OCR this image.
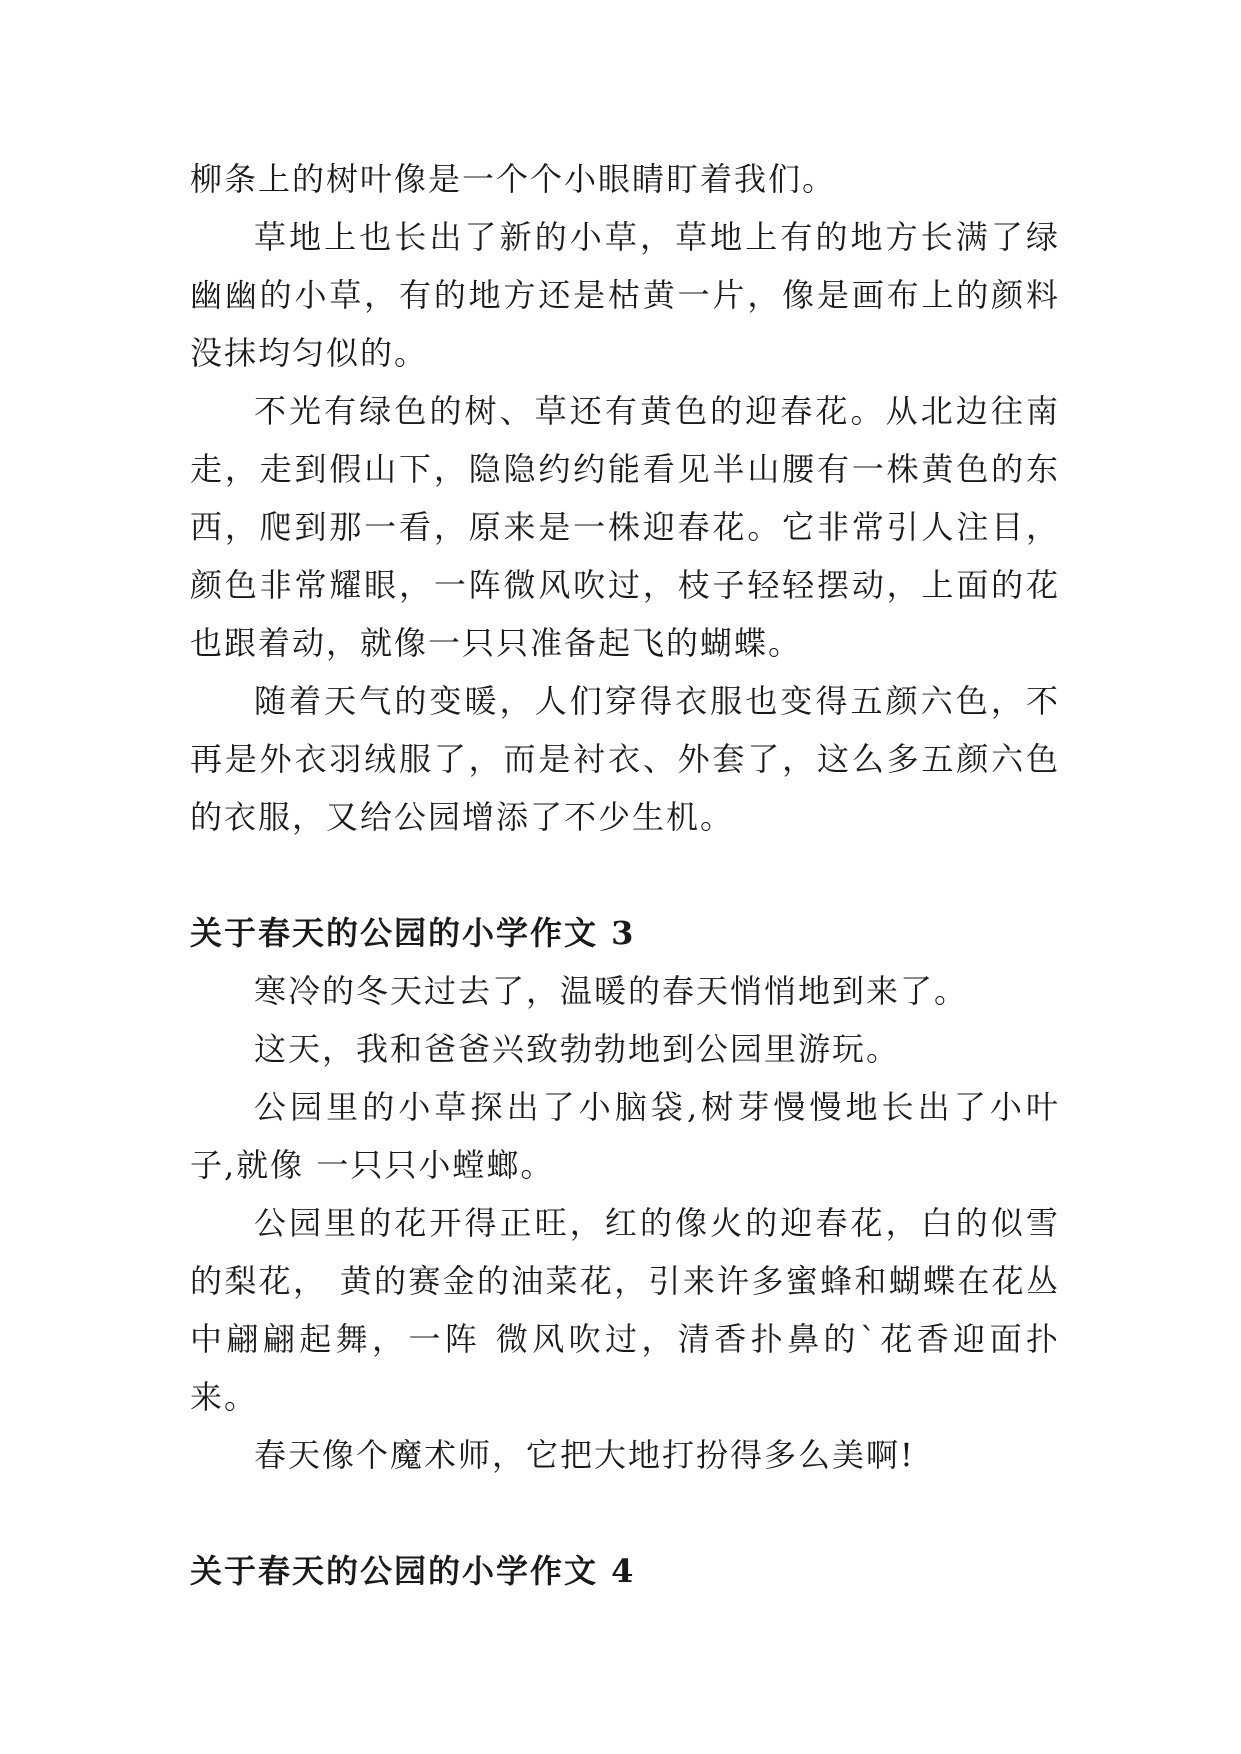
柳条上的树叶像是一个个小眼睛盯着我们。

草地上也长出了新的小草，草地上有的地方长满了绿幽幽的小草，有的地方还是枯黄一片，像是画布上的颜料没抹均匀似的。

不光有绿色的树、草还有黄色的迎春花。从北边往南走，走到假山下，隐隐约约能看见半山腰有一株黄色的东西，爬到那一看，原来是一株迎春花。它非常引人注目，颜色非常耀眼，一阵微风吹过，枝子轻轻摆动，上面的花也跟着动，就像一只只准备起飞的蝴蝶。

随着天气的变暖，人们穿得衣服也变得五颜六色，不再是外衣羽绒服了，而是衬衣、外套了，这么多五颜六色的衣服，又给公园增添了不少生机。

关于春天的公园的小学作文 3

寒冷的冬天过去了，温暖的春天悄悄地到来了。

这天，我和爸爸兴致勃勃地到公园里游玩。

公园里的小草探出了小脑袋,树芽慢慢地长出了小叶子,就像 一只只小螳螂。

公园里的花开得正旺，红的像火的迎春花，白的似雪的梨花， 黄的赛金的油菜花，引来许多蜜蜂和蝴蝶在花丛中翩翩起舞，一阵 微风吹过，清香扑鼻的`花香迎面扑来。

春天像个魔术师，它把大地打扮得多么美啊!

关于春天的公园的小学作文 4
